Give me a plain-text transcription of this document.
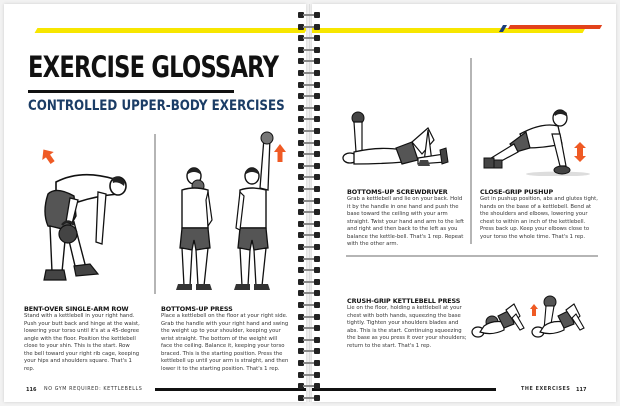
EXERCISE GLOSSARY
CONTROLLED UPPER-BODY EXERCISES
BENT-OVER SINGLE-ARM ROW
Stand with a kettlebell in your right hand. Push your butt back and hinge at the waist, lowering your torso until it's at a 45-degree angle with the floor. Position the kettlebell close to your shin. This is the start. Row the bell toward your right rib cage, keeping your hips and shoulders square. That's 1 rep.
BOTTOMS-UP PRESS
Place a kettlebell on the floor at your right side. Grab the handle with your right hand and swing the weight up to your shoulder, keeping your wrist straight. The bottom of the weight will face the ceiling. Balance it, keeping your torso braced. This is the starting position. Press the kettlebell up until your arm is straight, and then lower it to the starting position. That's 1 rep.
116 NO GYM REQUIRED: KETTLEBELLS
BOTTOMS-UP SCREWDRIVER
Grab a kettlebell and lie on your back. Hold it by the handle in one hand and push the base toward the ceiling with your arm straight. Twist your hand and arm to the left and right and then back to the left as you balance the kettle-bell. That's 1 rep. Repeat with the other arm.
CLOSE-GRIP PUSHUP
Get in pushup position, abs and glutes tight, hands on the base of a kettlebell. Bend at the shoulders and elbows, lowering your chest to within an inch of the kettlebell. Press back up. Keep your elbows close to your torso the whole time. That's 1 rep.
CRUSH-GRIP KETTLEBELL PRESS
Lie on the floor, holding a kettlebell at your chest with both hands, squeezing the base tightly. Tighten your shoulders blades and abs. This is the start. Continuing squeezing the base as you press it over your shoulders; return to the start. That's 1 rep.
THE EXERCISES 117
